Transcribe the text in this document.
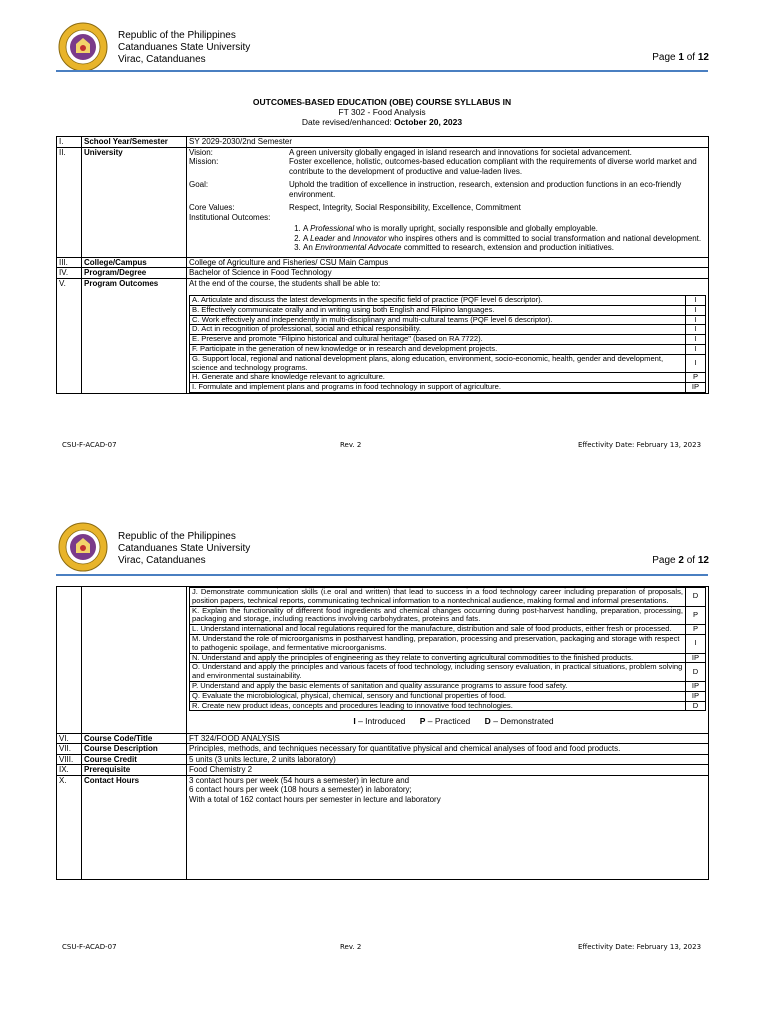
Republic of the Philippines
Catanduanes State University
Virac, Catanduanes	Page 1 of 12
OUTCOMES-BASED EDUCATION (OBE) COURSE SYLLABUS IN
FT 302 - Food Analysis
Date revised/enhanced: October 20, 2023
I.	School Year/Semester	SY 2029-2030/2nd Semester
II.	University	Vision:	A green university globally engaged in island research and innovations for societal advancement.
Mission:	Foster excellence, holistic, outcomes-based education compliant with the requirements of diverse world market and contribute to the development of productive and value-laden lives.
Goal:	Uphold the tradition of excellence in instruction, research, extension and production functions in an eco-friendly environment.
Core Values:	Respect, Integrity, Social Responsibility, Excellence, Commitment
Institutional Outcomes:
1. A Professional who is morally upright, socially responsible and globally employable.
2. A Leader and Innovator who inspires others and is committed to social transformation and national development.
3. An Environmental Advocate committed to research, extension and production initiatives.

III.	College/Campus	College of Agriculture and Fisheries/ CSU Main Campus
IV.	Program/Degree	Bachelor of Science in Food Technology
V.	Program Outcomes	At the end of the course, the students shall be able to:
A. Articulate and discuss the latest developments in the specific field of practice (PQF level 6 descriptor).	I
B. Effectively communicate orally and in writing using both English and Filipino languages.	I
C. Work effectively and independently in multi-disciplinary and multi-cultural teams (PQF level 6 descriptor).	I
D. Act in recognition of professional, social and ethical responsibility.	I
E. Preserve and promote "Filipino historical and cultural heritage" (based on RA 7722).	I
F. Participate in the generation of new knowledge or in research and development projects.	I
G. Support local, regional and national development plans, along education, environment, socio-economic, health, gender and development, science and technology programs.	I
H. Generate and share knowledge relevant to agriculture.	P
I. Formulate and implement plans and programs in food technology in support of agriculture.	IP
CSU-F-ACAD-07	Rev. 2	Effectivity Date: February 13, 2023
Republic of the Philippines
Catanduanes State University
Virac, Catanduanes	Page 2 of 12

J. Demonstrate communication skills (i.e oral and written) that lead to success in a food technology career including preparation of proposals, position papers, technical reports, communicating technical information to a nontechnical audience, making formal and informal presentations.	D
K. Explain the functionality of different food ingredients and chemical changes occurring during post-harvest handling, preparation, processing, packaging and storage, including reactions involving carbohydrates, proteins and fats.	P
L. Understand international and local regulations required for the manufacture, distribution and sale of food products, either fresh or processed.	P
M. Understand the role of microorganisms in postharvest handling, preparation, processing and preservation, packaging and storage with respect to pathogenic spoilage, and fermentative microorganisms.	I
N. Understand and apply the principles of engineering as they relate to converting agricultural commodities to the finished products.	IP
O. Understand and apply the principles and various facets of food technology, including sensory evaluation, in practical situations, problem solving and environmental sustainability.	D
P. Understand and apply the basic elements of sanitation and quality assurance programs to assure food safety.	IP
Q. Evaluate the microbiological, physical, chemical, sensory and functional properties of food.	IP
R. Create new product ideas, concepts and procedures leading to innovative food technologies.	D
I – Introduced P – Practiced D – Demonstrated

VI.	Course Code/Title	FT 324/FOOD ANALYSIS
VII.	Course Description	Principles, methods, and techniques necessary for quantitative physical and chemical analyses of food and food products.
VIII.	Course Credit	5 units (3 units lecture, 2 units laboratory)
IX.	Prerequisite	Food Chemistry 2
X.	Contact Hours	3 contact hours per week (54 hours a semester) in lecture and
6 contact hours per week (108 hours a semester) in laboratory;
With a total of 162 contact hours per semester in lecture and laboratory
CSU-F-ACAD-07	Rev. 2	Effectivity Date: February 13, 2023
